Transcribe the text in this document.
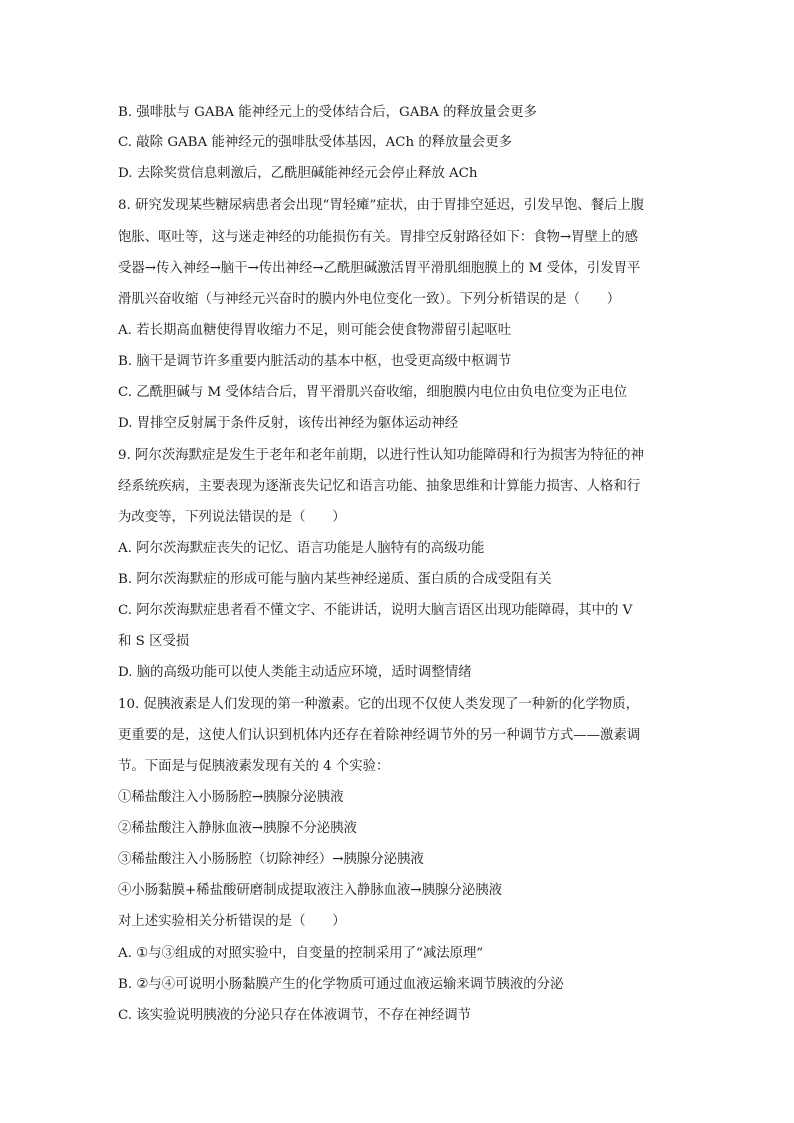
B. 强啡肽与 GABA 能神经元上的受体结合后，GABA 的释放量会更多
C. 敲除 GABA 能神经元的强啡肽受体基因，ACh 的释放量会更多
D. 去除奖赏信息刺激后，乙酰胆碱能神经元会停止释放 ACh
8. 研究发现某些糖尿病患者会出现“胃轻瘫”症状，由于胃排空延迟，引发早饱、餐后上腹
饱胀、呕吐等，这与迷走神经的功能损伤有关。胃排空反射路径如下：食物→胃壁上的感
受器→传入神经→脑干→传出神经→乙酰胆碱激活胃平滑肌细胞膜上的 M 受体，引发胃平
滑肌兴奋收缩（与神经元兴奋时的膜内外电位变化一致）。下列分析错误的是（　　）
A. 若长期高血糖使得胃收缩力不足，则可能会使食物滞留引起呕吐
B. 脑干是调节许多重要内脏活动的基本中枢，也受更高级中枢调节
C. 乙酰胆碱与 M 受体结合后，胃平滑肌兴奋收缩，细胞膜内电位由负电位变为正电位
D. 胃排空反射属于条件反射，该传出神经为躯体运动神经
9. 阿尔茨海默症是发生于老年和老年前期，以进行性认知功能障碍和行为损害为特征的神
经系统疾病，主要表现为逐渐丧失记忆和语言功能、抽象思维和计算能力损害、人格和行
为改变等，下列说法错误的是（　　）
A. 阿尔茨海默症丧失的记忆、语言功能是人脑特有的高级功能
B. 阿尔茨海默症的形成可能与脑内某些神经递质、蛋白质的合成受阻有关
C. 阿尔茨海默症患者看不懂文字、不能讲话，说明大脑言语区出现功能障碍，其中的 V
和 S 区受损
D. 脑的高级功能可以使人类能主动适应环境，适时调整情绪
10. 促胰液素是人们发现的第一种激素。它的出现不仅使人类发现了一种新的化学物质，
更重要的是，这使人们认识到机体内还存在着除神经调节外的另一种调节方式——激素调
节。下面是与促胰液素发现有关的 4 个实验：
①稀盐酸注入小肠肠腔→胰腺分泌胰液
②稀盐酸注入静脉血液→胰腺不分泌胰液
③稀盐酸注入小肠肠腔（切除神经）→胰腺分泌胰液
④小肠黏膜+稀盐酸研磨制成提取液注入静脉血液→胰腺分泌胰液
对上述实验相关分析错误的是（　　）
A. ①与③组成的对照实验中，自变量的控制采用了“减法原理”
B. ②与④可说明小肠黏膜产生的化学物质可通过血液运输来调节胰液的分泌
C. 该实验说明胰液的分泌只存在体液调节，不存在神经调节
